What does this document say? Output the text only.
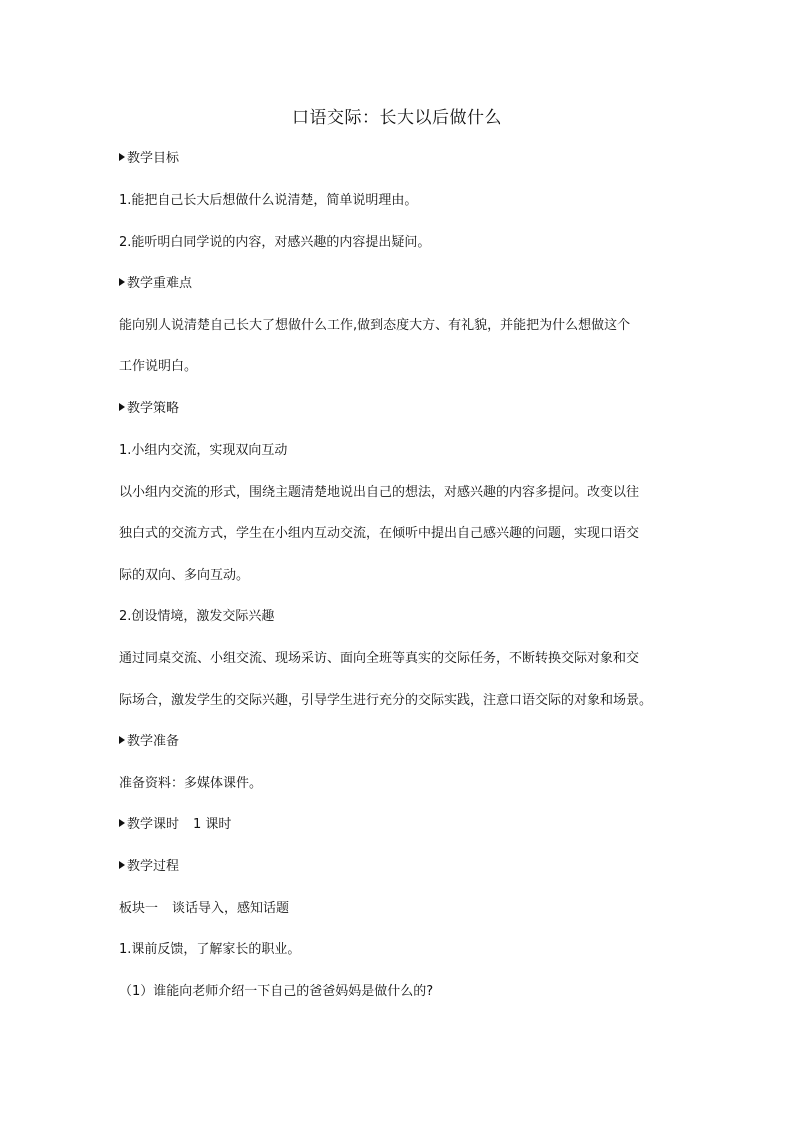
口语交际：长大以后做什么
教学目标
1.能把自己长大后想做什么说清楚，简单说明理由。
2.能听明白同学说的内容，对感兴趣的内容提出疑问。
教学重难点
能向别人说清楚自己长大了想做什么工作,做到态度大方、有礼貌，并能把为什么想做这个
工作说明白。
教学策略
1.小组内交流，实现双向互动
以小组内交流的形式，围绕主题清楚地说出自己的想法，对感兴趣的内容多提问。改变以往
独白式的交流方式，学生在小组内互动交流，在倾听中提出自己感兴趣的问题，实现口语交
际的双向、多向互动。
2.创设情境，激发交际兴趣
通过同桌交流、小组交流、现场采访、面向全班等真实的交际任务，不断转换交际对象和交
际场合，激发学生的交际兴趣，引导学生进行充分的交际实践，注意口语交际的对象和场景。
教学准备
准备资料：多媒体课件。
教学课时 1 课时
教学过程
板块一 谈话导入，感知话题
1.课前反馈，了解家长的职业。
（1）谁能向老师介绍一下自己的爸爸妈妈是做什么的?
